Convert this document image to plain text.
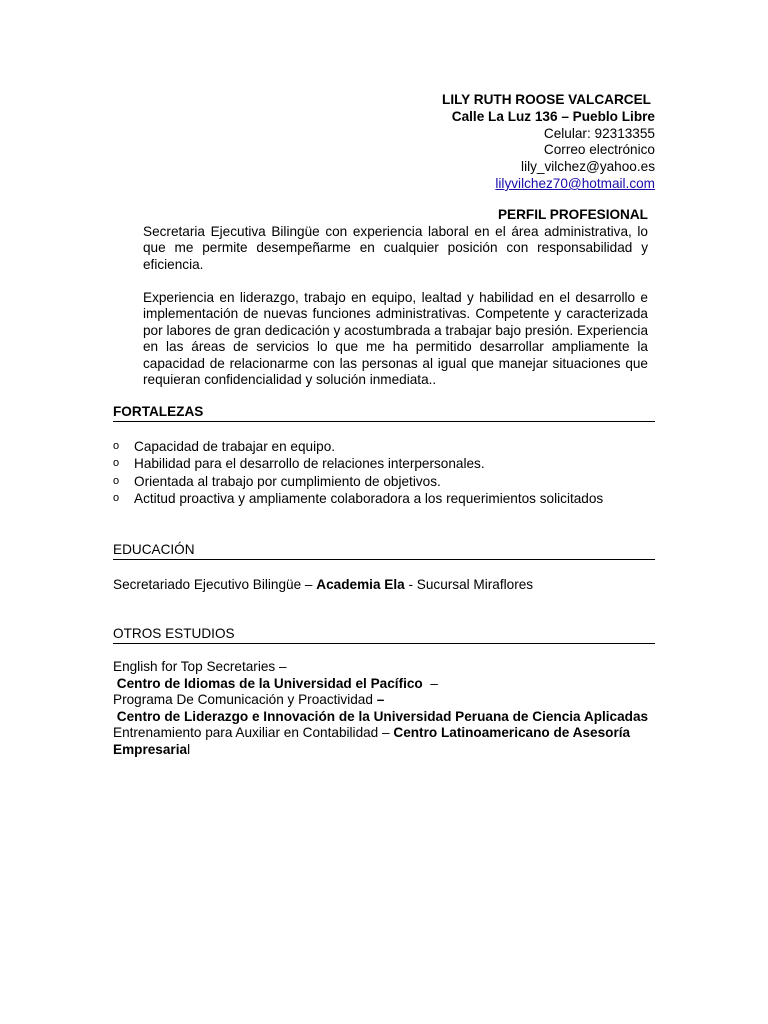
LILY RUTH ROOSE VALCARCEL
Calle La Luz 136 – Pueblo Libre
Celular: 92313355
Correo electrónico
lily_vilchez@yahoo.es
lilyvilchez70@hotmail.com
PERFIL PROFESIONAL
Secretaria Ejecutiva Bilingüe con experiencia laboral en el área administrativa, lo que me permite desempeñarme en cualquier posición con responsabilidad y eficiencia.
Experiencia en liderazgo, trabajo en equipo, lealtad y habilidad en el desarrollo e implementación de nuevas funciones administrativas. Competente y caracterizada por labores de gran dedicación y acostumbrada a trabajar bajo presión. Experiencia en las áreas de servicios lo que me ha permitido desarrollar ampliamente la capacidad de relacionarme con las personas al igual que manejar situaciones que requieran confidencialidad y solución inmediata..
FORTALEZAS
o	Capacidad de trabajar en equipo.
o	Habilidad para el desarrollo de relaciones interpersonales.
o	Orientada al trabajo por cumplimiento de objetivos.
o	Actitud proactiva y ampliamente colaboradora a los requerimientos solicitados
EDUCACIÓN
Secretariado Ejecutivo Bilingüe – Academia Ela - Sucursal Miraflores
OTROS ESTUDIOS
English for Top Secretaries –
Centro de Idiomas de la Universidad el Pacífico –
Programa De Comunicación y Proactividad –
Centro de Liderazgo e Innovación de la Universidad Peruana de Ciencia Aplicadas
Entrenamiento para Auxiliar en Contabilidad – Centro Latinoamericano de Asesoría Empresarial
